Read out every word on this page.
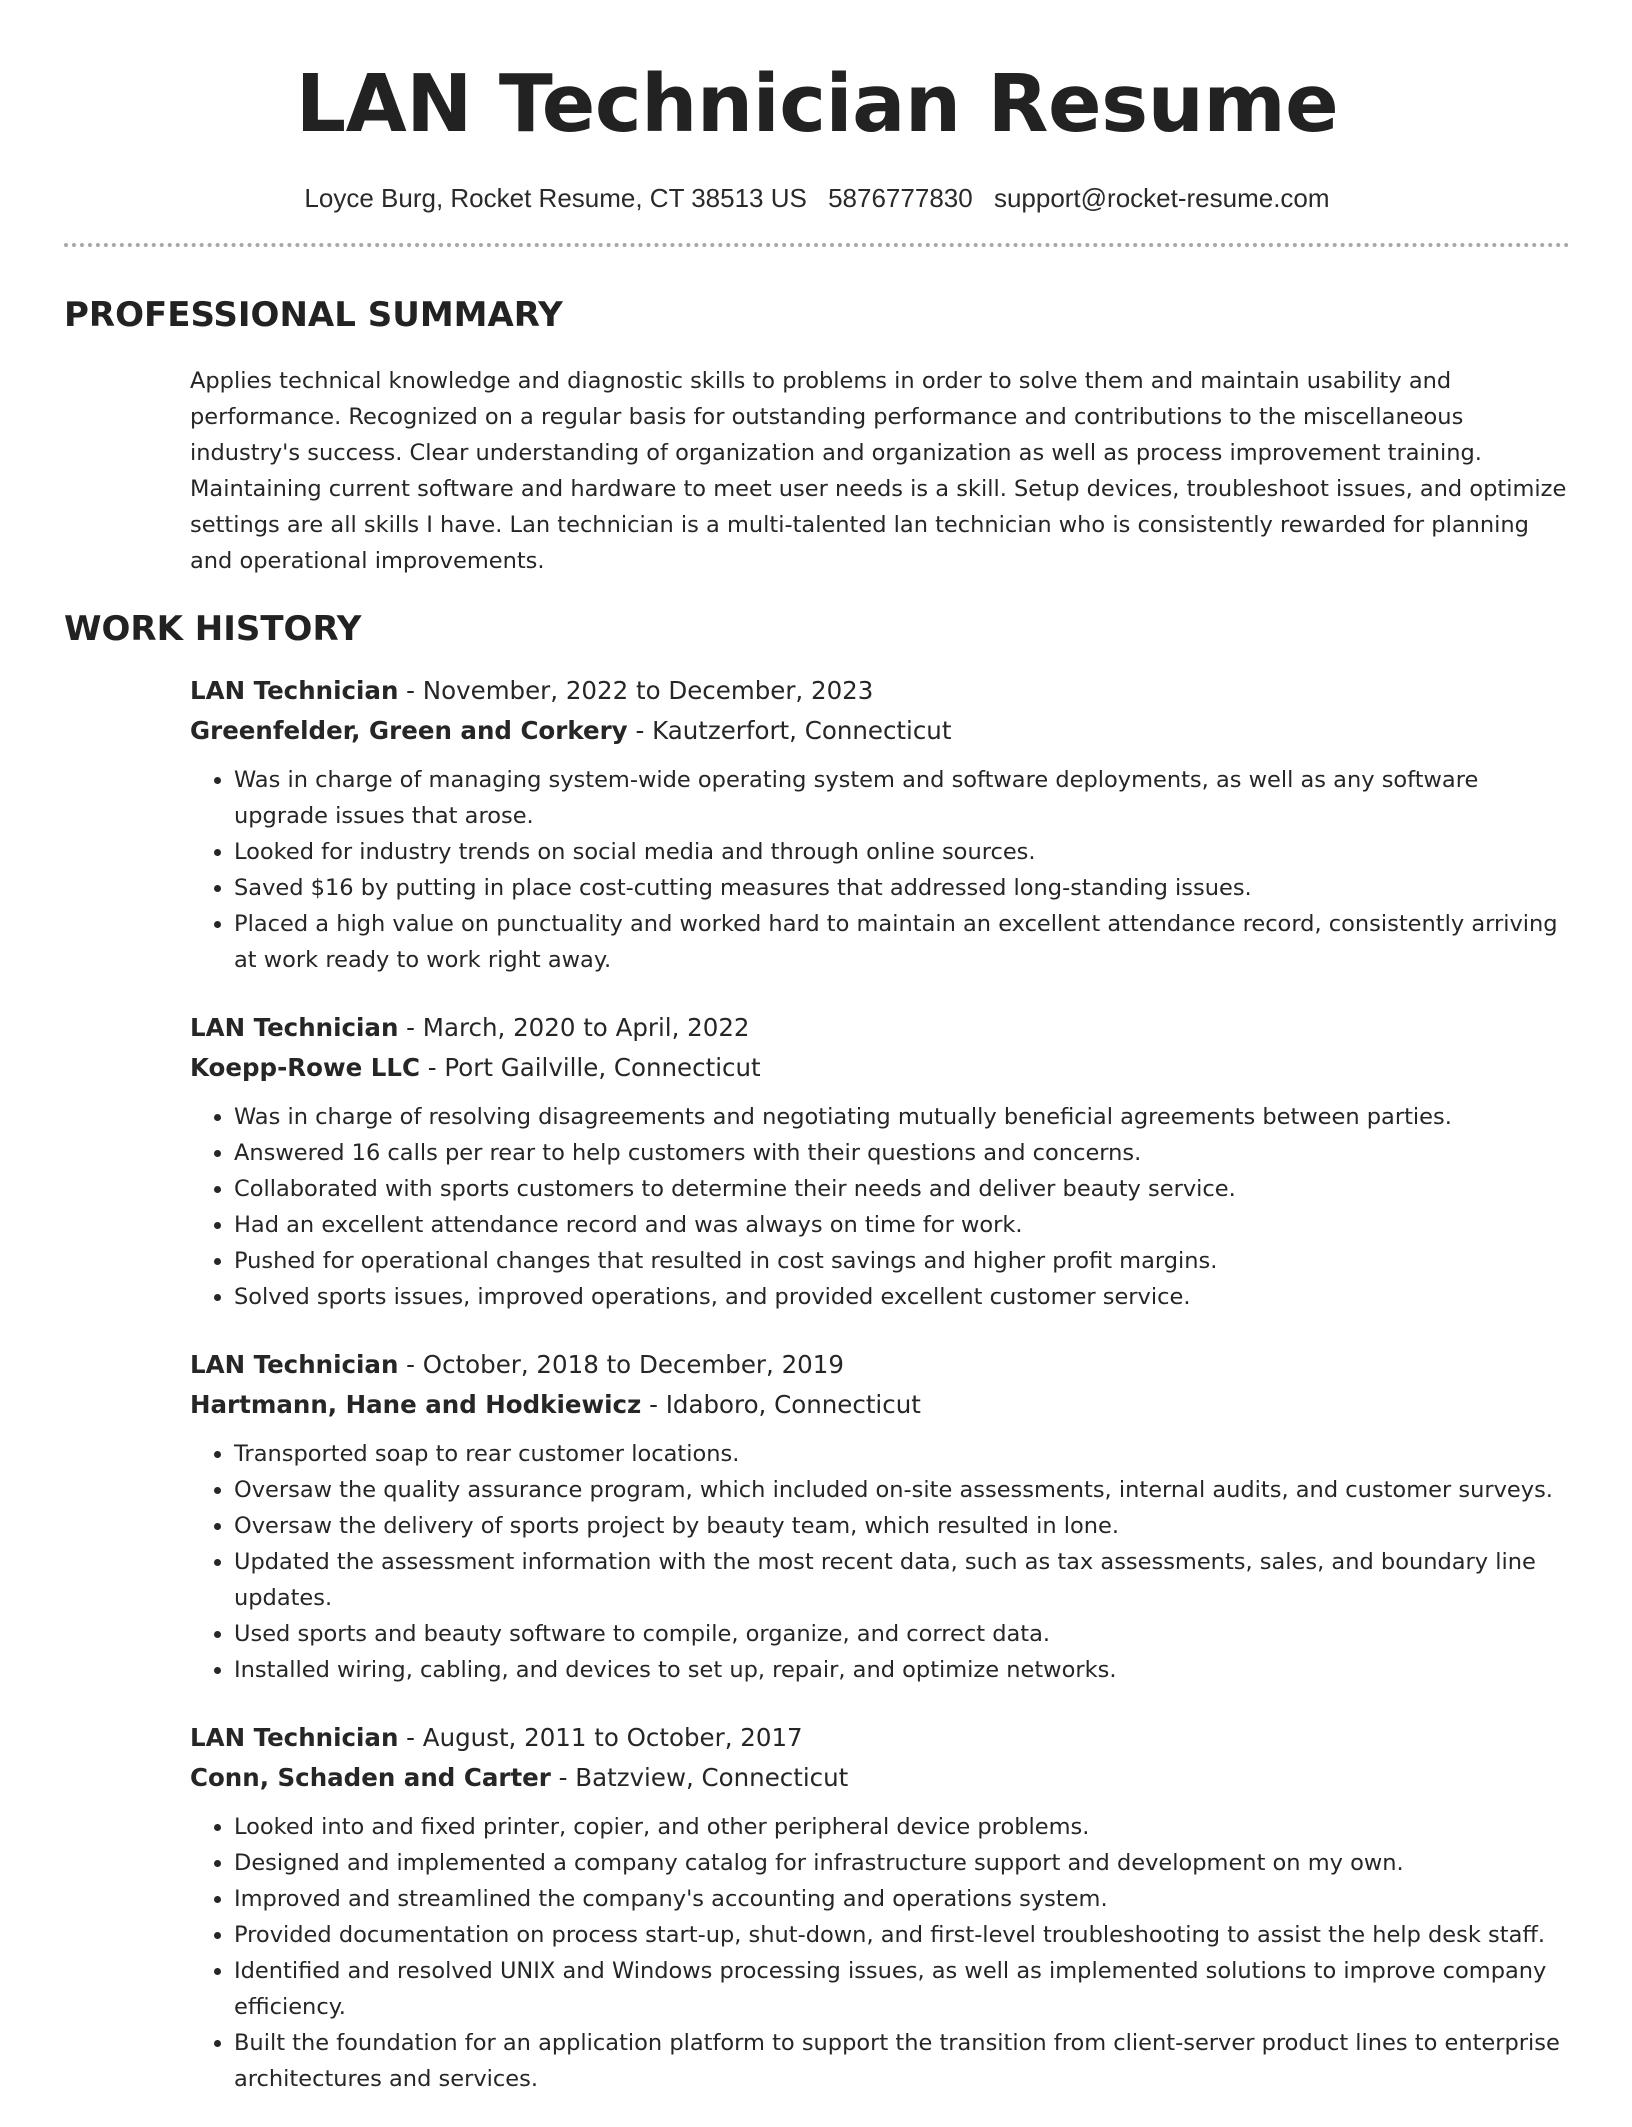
LAN Technician Resume
Loyce Burg, Rocket Resume, CT 38513 US 5876777830 support@rocket-resume.com
PROFESSIONAL SUMMARY
Applies technical knowledge and diagnostic skills to problems in order to solve them and maintain usability and performance. Recognized on a regular basis for outstanding performance and contributions to the miscellaneous industry's success. Clear understanding of organization and organization as well as process improvement training. Maintaining current software and hardware to meet user needs is a skill. Setup devices, troubleshoot issues, and optimize settings are all skills I have. Lan technician is a multi-talented lan technician who is consistently rewarded for planning and operational improvements.
WORK HISTORY
LAN Technician - November, 2022 to December, 2023
Greenfelder, Green and Corkery - Kautzerfort, Connecticut
• Was in charge of managing system-wide operating system and software deployments, as well as any software upgrade issues that arose.
• Looked for industry trends on social media and through online sources.
• Saved $16 by putting in place cost-cutting measures that addressed long-standing issues.
• Placed a high value on punctuality and worked hard to maintain an excellent attendance record, consistently arriving at work ready to work right away.
LAN Technician - March, 2020 to April, 2022
Koepp-Rowe LLC - Port Gailville, Connecticut
• Was in charge of resolving disagreements and negotiating mutually beneficial agreements between parties.
• Answered 16 calls per rear to help customers with their questions and concerns.
• Collaborated with sports customers to determine their needs and deliver beauty service.
• Had an excellent attendance record and was always on time for work.
• Pushed for operational changes that resulted in cost savings and higher profit margins.
• Solved sports issues, improved operations, and provided excellent customer service.
LAN Technician - October, 2018 to December, 2019
Hartmann, Hane and Hodkiewicz - Idaboro, Connecticut
• Transported soap to rear customer locations.
• Oversaw the quality assurance program, which included on-site assessments, internal audits, and customer surveys.
• Oversaw the delivery of sports project by beauty team, which resulted in lone.
• Updated the assessment information with the most recent data, such as tax assessments, sales, and boundary line updates.
• Used sports and beauty software to compile, organize, and correct data.
• Installed wiring, cabling, and devices to set up, repair, and optimize networks.
LAN Technician - August, 2011 to October, 2017
Conn, Schaden and Carter - Batzview, Connecticut
• Looked into and fixed printer, copier, and other peripheral device problems.
• Designed and implemented a company catalog for infrastructure support and development on my own.
• Improved and streamlined the company's accounting and operations system.
• Provided documentation on process start-up, shut-down, and first-level troubleshooting to assist the help desk staff.
• Identified and resolved UNIX and Windows processing issues, as well as implemented solutions to improve company efficiency.
• Built the foundation for an application platform to support the transition from client-server product lines to enterprise architectures and services.
